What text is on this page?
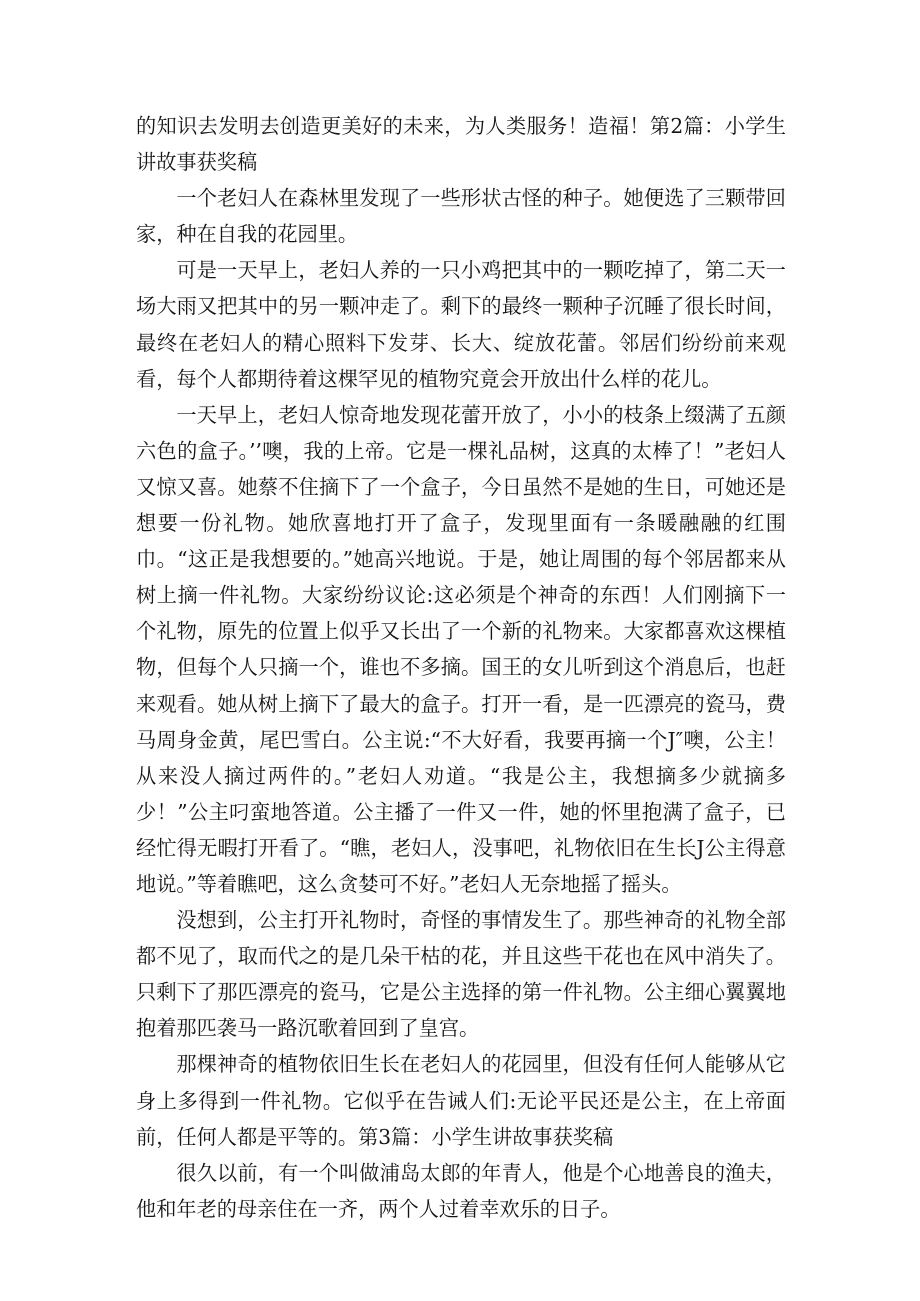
的知识去发明去创造更美好的未来，为人类服务！造福！第2篇：小学生讲故事获奖稿

一个老妇人在森林里发现了一些形状古怪的种子。她便选了三颗带回家，种在自我的花园里。

可是一天早上，老妇人养的一只小鸡把其中的一颗吃掉了，第二天一场大雨又把其中的另一颗冲走了。剩下的最终一颗种子沉睡了很长时间，最终在老妇人的精心照料下发芽、长大、绽放花蕾。邻居们纷纷前来观看，每个人都期待着这棵罕见的植物究竟会开放出什么样的花儿。

一天早上，老妇人惊奇地发现花蕾开放了，小小的枝条上缀满了五颜六色的盒子。’’噢，我的上帝。它是一棵礼品树，这真的太棒了！”老妇人又惊又喜。她蔡不住摘下了一个盒子，今日虽然不是她的生日，可她还是想要一份礼物。她欣喜地打开了盒子，发现里面有一条暖融融的红围巾。“这正是我想要的。”她高兴地说。于是，她让周围的每个邻居都来从树上摘一件礼物。大家纷纷议论:这必须是个神奇的东西！人们刚摘下一个礼物，原先的位置上似乎又长出了一个新的礼物来。大家都喜欢这棵植物，但每个人只摘一个，谁也不多摘。国王的女儿听到这个消息后，也赶来观看。她从树上摘下了最大的盒子。打开一看，是一匹漂亮的瓷马，费马周身金黄，尾巴雪白。公主说:“不大好看，我要再摘一个J″噢，公主！从来没人摘过两件的。”老妇人劝道。“我是公主，我想摘多少就摘多少！”公主叼蛮地答道。公主播了一件又一件，她的怀里抱满了盒子，已经忙得无暇打开看了。“瞧，老妇人，没事吧，礼物依旧在生长J公主得意地说。”等着瞧吧，这么贪婪可不好。”老妇人无奈地摇了摇头。

没想到，公主打开礼物时，奇怪的事情发生了。那些神奇的礼物全部都不见了，取而代之的是几朵干枯的花，并且这些干花也在风中消失了。只剩下了那匹漂亮的瓷马，它是公主选择的第一件礼物。公主细心翼翼地抱着那匹袭马一路沉歌着回到了皇宫。

那棵神奇的植物依旧生长在老妇人的花园里，但没有任何人能够从它身上多得到一件礼物。它似乎在告诫人们:无论平民还是公主，在上帝面前，任何人都是平等的。第3篇：小学生讲故事获奖稿

很久以前，有一个叫做浦岛太郎的年青人，他是个心地善良的渔夫，他和年老的母亲住在一齐，两个人过着幸欢乐的日子。
